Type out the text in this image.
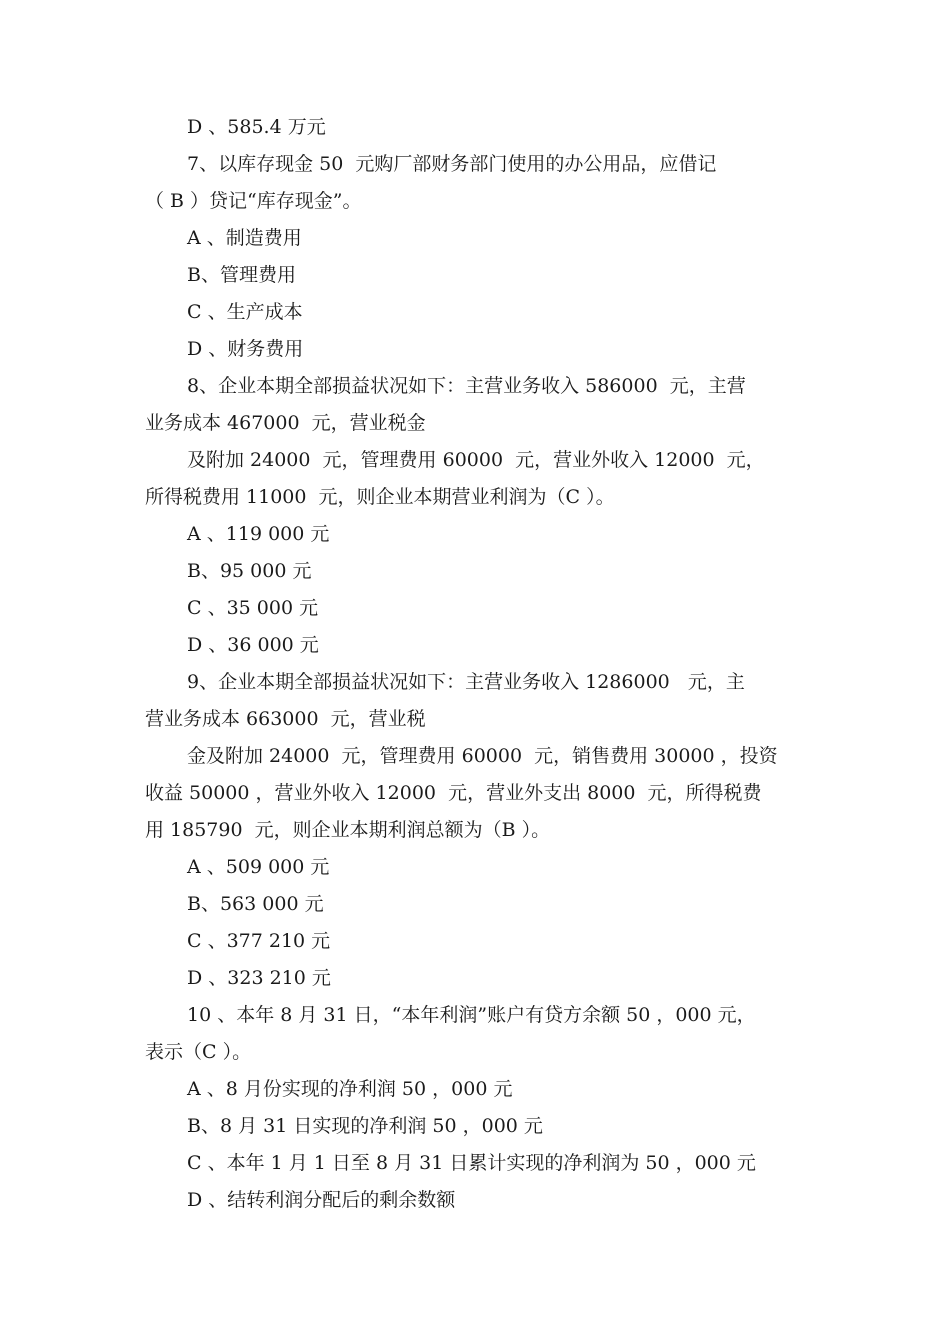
D 、585.4 万元
7、以库存现金 50  元购厂部财务部门使用的办公用品，应借记
（ B ）贷记“库存现金”。
A 、制造费用
B、管理费用
C 、生产成本
D 、财务费用
8、企业本期全部损益状况如下：主营业务收入 586000  元，主营
业务成本 467000  元，营业税金
及附加 24000  元，管理费用 60000  元，营业外收入 12000  元，
所得税费用 11000  元，则企业本期营业利润为（C ）。
A 、119 000 元
B、95 000 元
C 、35 000 元
D 、36 000 元
9、企业本期全部损益状况如下：主营业务收入 1286000   元，主
营业务成本 663000  元，营业税
金及附加 24000  元，管理费用 60000  元，销售费用 30000 ，投资
收益 50000 ，营业外收入 12000  元，营业外支出 8000  元，所得税费
用 185790  元，则企业本期利润总额为（B ）。
A 、509 000 元
B、563 000 元
C 、377 210 元
D 、323 210 元
10 、本年 8 月 31 日，“本年利润”账户有贷方余额 50 ，000 元，
表示（C ）。
A 、8 月份实现的净利润 50 ，000 元
B、8 月 31 日实现的净利润 50 ，000 元
C 、本年 1 月 1 日至 8 月 31 日累计实现的净利润为 50 ，000 元
D 、结转利润分配后的剩余数额
